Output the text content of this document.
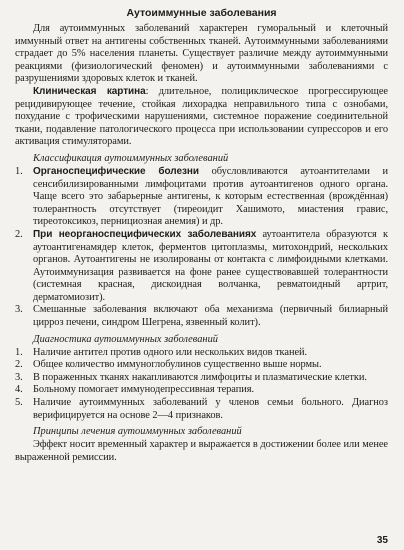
Аутоиммунные заболевания

Для аутоиммунных заболеваний характерен гуморальный и клеточный иммунный ответ на антигены собственных тканей. Аутоиммунными заболеваниями страдает до 5% населения планеты. Существует различие между аутоиммунными реакциями (физиологический феномен) и аутоиммунными заболеваниями с разрушениями здоровых клеток и тканей.

Клиническая картина: длительное, полициклическое прогрессирующее рецидивирующее течение, стойкая лихорадка неправильного типа с ознобами, похудание с трофическими нарушениями, системное поражение соединительной ткани, подавление патологического процесса при использовании супрессоров и его активация стимуляторами.

Классификация аутоиммунных заболеваний
1.	Органоспецифические болезни обусловливаются аутоантителами и сенсибилизированными лимфоцитами против аутоантигенов одного органа. Чаще всего это забарьерные антигены, к которым естественная (врождённая) толерантность отсутствует (тиреоидит Хашимото, миастения гравис, тиреотоксикоз, пернициозная анемия) и др.
2.	При неорганоспецифических заболеваниях аутоантитела образуются к аутоантигенамядер клеток, ферментов цитоплазмы, митохондрий, нескольких органов. Аутоантигены не изолированы от контакта с лимфоидными клетками. Аутоиммунизация развивается на фоне ранее существовавшей толерантности (системная красная, дискоидная волчанка, ревматоидный артрит, дерматомиозит).
3. Смешанные заболевания включают оба механизма (первичный билиарный цирроз печени, синдром Шегрена, язвенный колит).
Диагностика аутоиммунных заболеваний
1. Наличие антител против одного или нескольких видов тканей.
2. Общее количество иммуноглобулинов существенно выше нормы.
3. В пораженных тканях накапливаются лимфоциты и плазматические клетки.
4. Больному помогает иммунодепрессивная терапия.
5. Наличие аутоиммунных заболеваний у членов семьи больного. Диагноз верифицируется на основе 2—4 признаков.
Принципы лечения аутоиммунных заболеваний

Эффект носит временный характер и выражается в достижении более или менее выраженной ремиссии.

35
